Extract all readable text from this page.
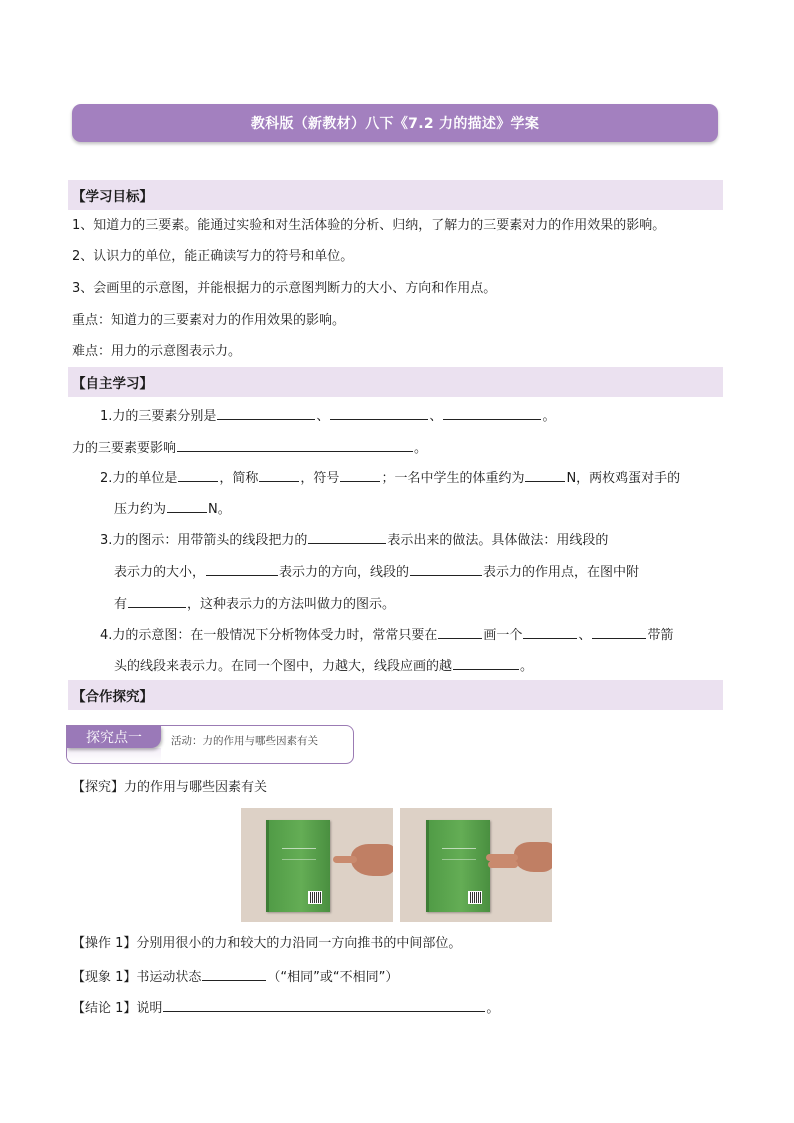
教科版（新教材）八下《7.2 力的描述》学案
【学习目标】
1、知道力的三要素。能通过实验和对生活体验的分析、归纳，了解力的三要素对力的作用效果的影响。
2、认识力的单位，能正确读写力的符号和单位。
3、会画里的示意图，并能根据力的示意图判断力的大小、方向和作用点。
重点：知道力的三要素对力的作用效果的影响。
难点：用力的示意图表示力。
【自主学习】
1.力的三要素分别是	、	、	。
力的三要素要影响	。
2.力的单位是	，简称	，符号	；一名中学生的体重约为	N，两枚鸡蛋对手的
压力约为	N。
3.力的图示：用带箭头的线段把力的	表示出来的做法。具体做法：用线段的
表示力的大小，	表示力的方向，线段的	表示力的作用点，在图中附
有	，这种表示力的方法叫做力的图示。
4.力的示意图：在一般情况下分析物体受力时，常常只要在	画一个	、	带箭
头的线段来表示力。在同一个图中，力越大，线段应画的越	。
【合作探究】
探究点一	活动：力的作用与哪些因素有关
【探究】力的作用与哪些因素有关
【操作 1】分别用很小的力和较大的力沿同一方向推书的中间部位。
【现象 1】书运动状态	（“相同”或“不相同”）
【结论 1】说明	。
